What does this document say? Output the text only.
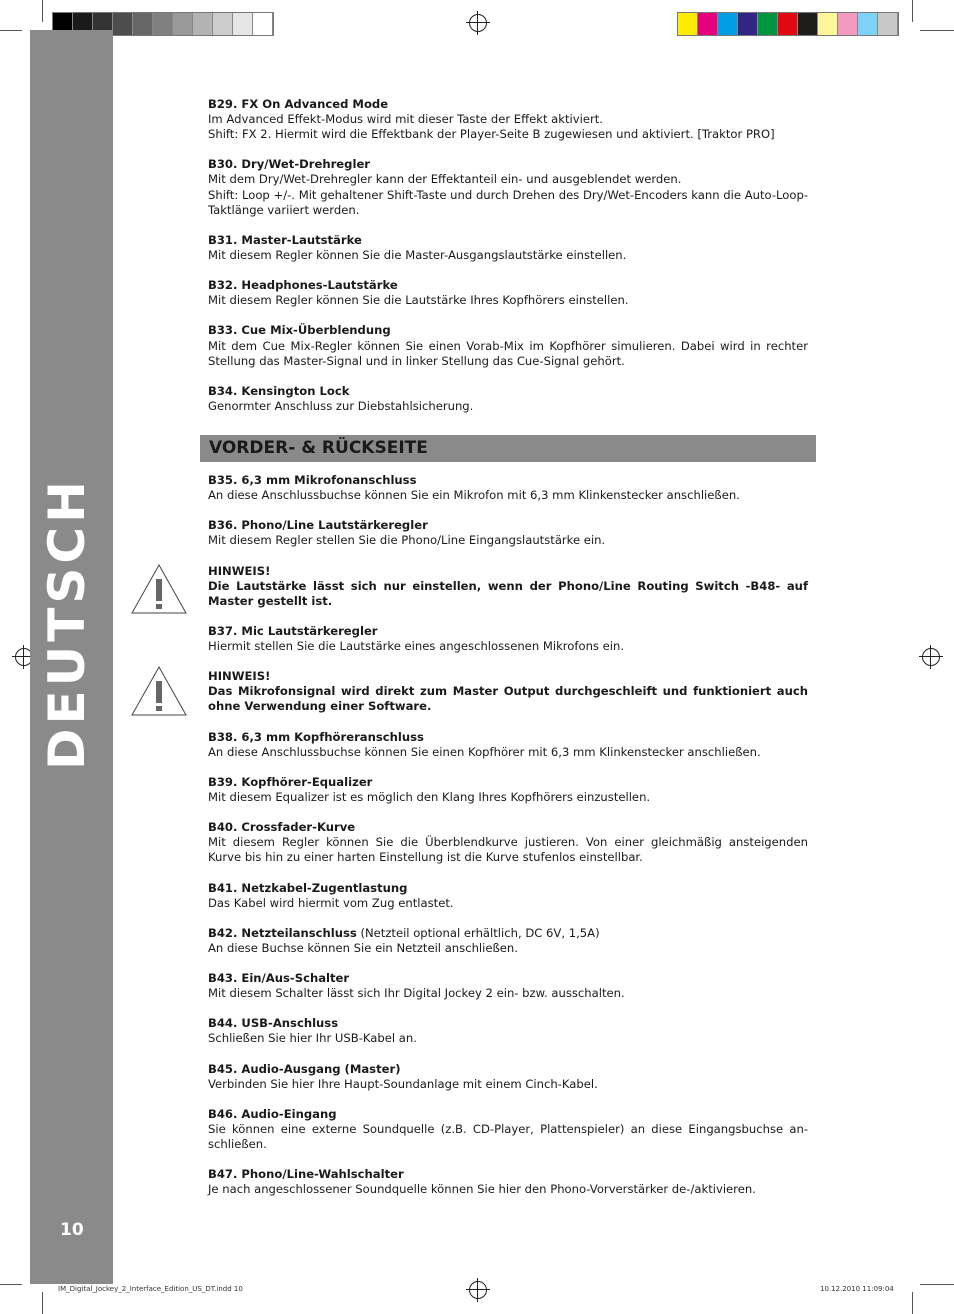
DEUTSCH
10
B29. FX On Advanced Mode

Im Advanced Effekt-Modus wird mit dieser Taste der Effekt aktiviert.

Shift: FX 2. Hiermit wird die Effektbank der Player-Seite B zugewiesen und aktiviert. [Traktor PRO]

B30. Dry/Wet-Drehregler

Mit dem Dry/Wet-Drehregler kann der Effektanteil ein- und ausgeblendet werden.

Shift: Loop +/-. Mit gehaltener Shift-Taste und durch Drehen des Dry/Wet-Encoders kann die Auto-Loop-Taktlänge variiert werden.

B31. Master-Lautstärke

Mit diesem Regler können Sie die Master-Ausgangslautstärke einstellen.

B32. Headphones-Lautstärke

Mit diesem Regler können Sie die Lautstärke Ihres Kopfhörers einstellen.

B33. Cue Mix-Überblendung

Mit dem Cue Mix-Regler können Sie einen Vorab-Mix im Kopfhörer simulieren. Dabei wird in rechter Stellung das Master-Signal und in linker Stellung das Cue-Signal gehört.

B34. Kensington Lock

Genormter Anschluss zur Diebstahlsicherung.

VORDER- & RÜCKSEITE
B35. 6,3 mm Mikrofonanschluss

An diese Anschlussbuchse können Sie ein Mikrofon mit 6,3 mm Klinkenstecker anschließen.

B36. Phono/Line Lautstärkeregler

Mit diesem Regler stellen Sie die Phono/Line Eingangslautstärke ein.

HINWEIS!

Die Lautstärke lässt sich nur einstellen, wenn der Phono/Line Routing Switch -B48- auf Master gestellt ist.

B37. Mic Lautstärkeregler

Hiermit stellen Sie die Lautstärke eines angeschlossenen Mikrofons ein.

HINWEIS!

Das Mikrofonsignal wird direkt zum Master Output durchgeschleift und funktioniert auch ohne Verwendung einer Software.

B38. 6,3 mm Kopfhöreranschluss

An diese Anschlussbuchse können Sie einen Kopfhörer mit 6,3 mm Klinkenstecker anschließen.

B39. Kopfhörer-Equalizer

Mit diesem Equalizer ist es möglich den Klang Ihres Kopfhörers einzustellen.

B40. Crossfader-Kurve

Mit diesem Regler können Sie die Überblendkurve justieren. Von einer gleichmäßig ansteigenden Kurve bis hin zu einer harten Einstellung ist die Kurve stufenlos einstellbar.

B41. Netzkabel-Zugentlastung

Das Kabel wird hiermit vom Zug entlastet.

B42. Netzteilanschluss (Netzteil optional erhältlich, DC 6V, 1,5A)

An diese Buchse können Sie ein Netzteil anschließen.

B43. Ein/Aus-Schalter

Mit diesem Schalter lässt sich Ihr Digital Jockey 2 ein- bzw. ausschalten.

B44. USB-Anschluss

Schließen Sie hier Ihr USB-Kabel an.

B45. Audio-Ausgang (Master)

Verbinden Sie hier Ihre Haupt-Soundanlage mit einem Cinch-Kabel.

B46. Audio-Eingang

Sie können eine externe Soundquelle (z.B. CD-Player, Plattenspieler) an diese Eingangsbuchse an-schließen.

B47. Phono/Line-Wahlschalter

Je nach angeschlossener Soundquelle können Sie hier den Phono-Vorverstärker de-/aktivieren.

IM_Digital_Jockey_2_Interface_Edition_US_DT.indd 10	10.12.2010 11:09:04
